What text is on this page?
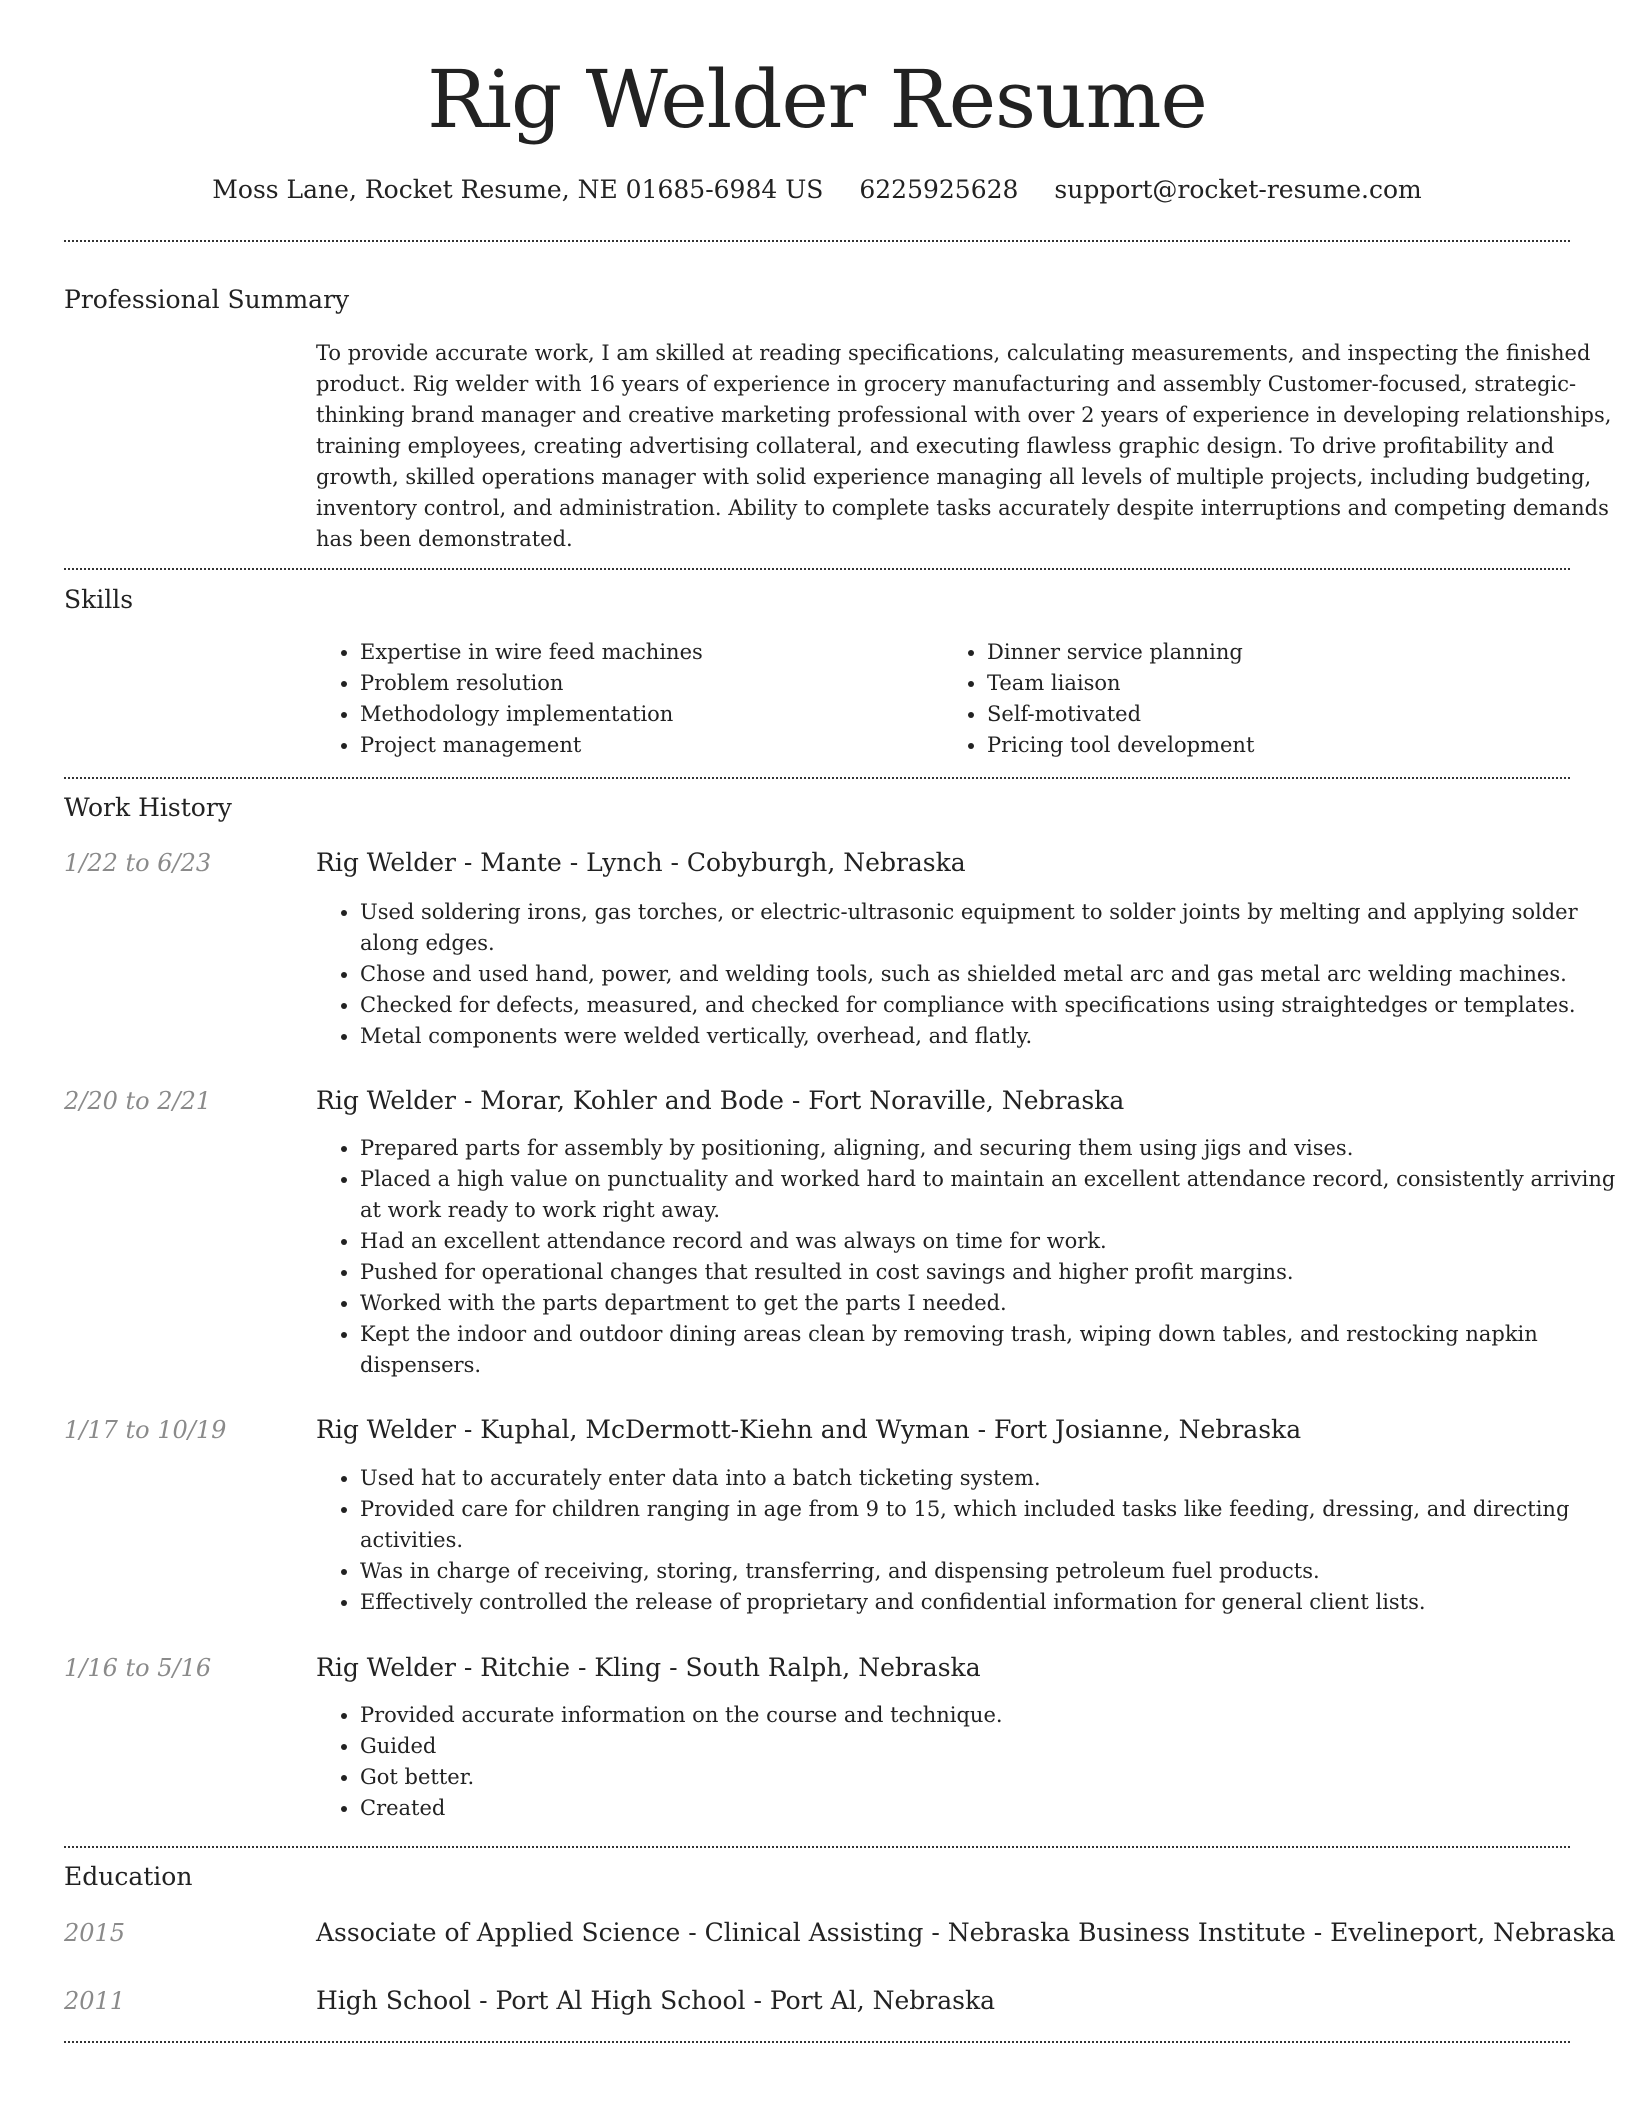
Rig Welder Resume
Moss Lane, Rocket Resume, NE 01685-6984 US 6225925628 support@rocket-resume.com
Professional Summary

To provide accurate work, I am skilled at reading specifications, calculating measurements, and inspecting the finished product. Rig welder with 16 years of experience in grocery manufacturing and assembly Customer-focused, strategic-thinking brand manager and creative marketing professional with over 2 years of experience in developing relationships, training employees, creating advertising collateral, and executing flawless graphic design. To drive profitability and growth, skilled operations manager with solid experience managing all levels of multiple projects, including budgeting, inventory control, and administration. Ability to complete tasks accurately despite interruptions and competing demands has been demonstrated.

Skills
• Expertise in wire feed machines
• Problem resolution
• Methodology implementation
• Project management
• Dinner service planning
• Team liaison
• Self-motivated
• Pricing tool development
Work History
1/22 to 6/23	Rig Welder - Mante - Lynch - Cobyburgh, Nebraska
• Used soldering irons, gas torches, or electric-ultrasonic equipment to solder joints by melting and applying solder along edges.
• Chose and used hand, power, and welding tools, such as shielded metal arc and gas metal arc welding machines.
• Checked for defects, measured, and checked for compliance with specifications using straightedges or templates.
• Metal components were welded vertically, overhead, and flatly.
2/20 to 2/21	Rig Welder - Morar, Kohler and Bode - Fort Noraville, Nebraska
• Prepared parts for assembly by positioning, aligning, and securing them using jigs and vises.
• Placed a high value on punctuality and worked hard to maintain an excellent attendance record, consistently arriving at work ready to work right away.
• Had an excellent attendance record and was always on time for work.
• Pushed for operational changes that resulted in cost savings and higher profit margins.
• Worked with the parts department to get the parts I needed.
• Kept the indoor and outdoor dining areas clean by removing trash, wiping down tables, and restocking napkin dispensers.
1/17 to 10/19	Rig Welder - Kuphal, McDermott-Kiehn and Wyman - Fort Josianne, Nebraska
• Used hat to accurately enter data into a batch ticketing system.
• Provided care for children ranging in age from 9 to 15, which included tasks like feeding, dressing, and directing activities.
• Was in charge of receiving, storing, transferring, and dispensing petroleum fuel products.
• Effectively controlled the release of proprietary and confidential information for general client lists.
1/16 to 5/16	Rig Welder - Ritchie - Kling - South Ralph, Nebraska
• Provided accurate information on the course and technique.
• Guided
• Got better.
• Created
Education
2015	Associate of Applied Science - Clinical Assisting - Nebraska Business Institute - Evelineport, Nebraska
2011	High School - Port Al High School - Port Al, Nebraska
